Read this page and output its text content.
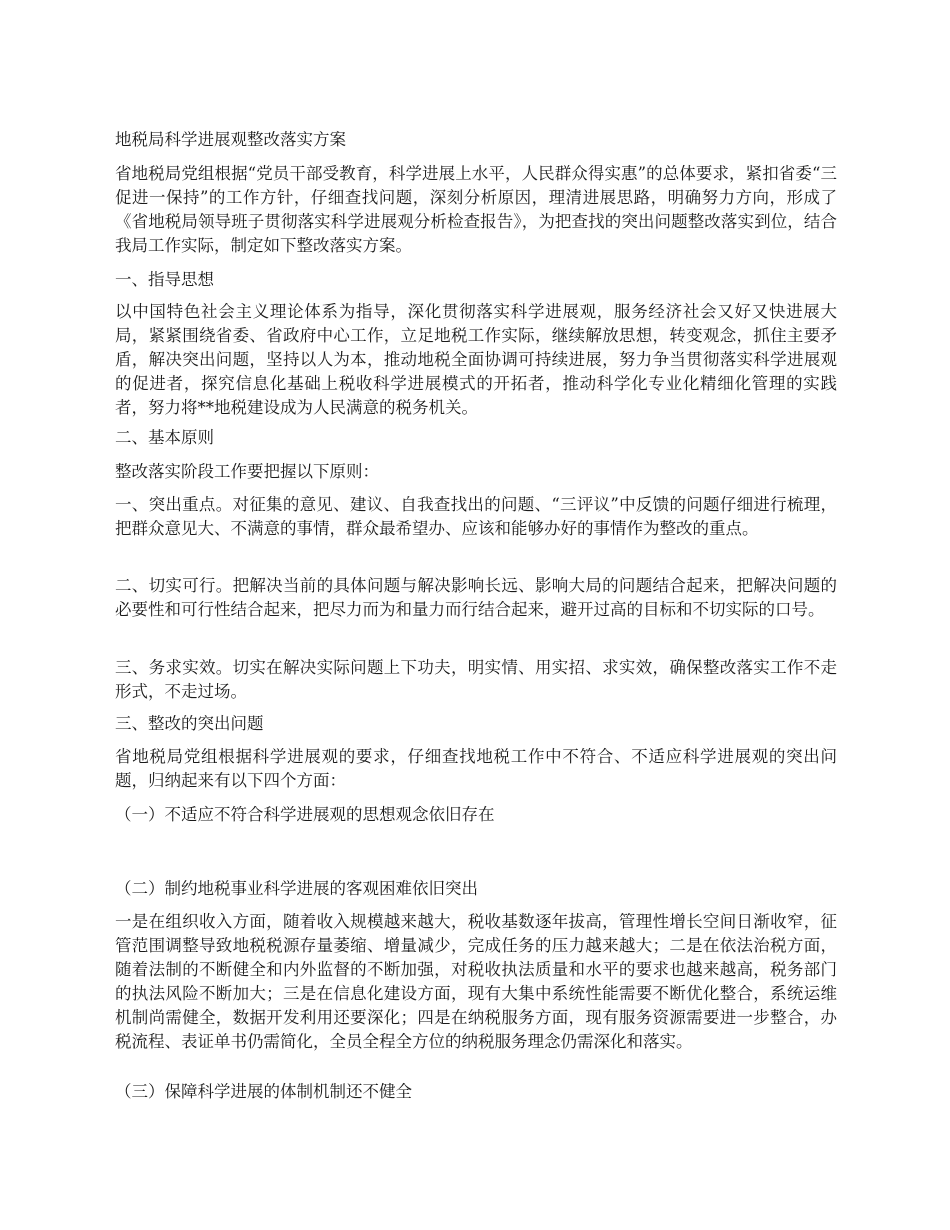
地税局科学进展观整改落实方案

省地税局党组根据“党员干部受教育，科学进展上水平，人民群众得实惠”的总体要求，紧扣省委“三促进一保持”的工作方针，仔细查找问题，深刻分析原因，理清进展思路，明确努力方向，形成了《省地税局领导班子贯彻落实科学进展观分析检查报告》，为把查找的突出问题整改落实到位，结合我局工作实际，制定如下整改落实方案。

一、指导思想

以中国特色社会主义理论体系为指导，深化贯彻落实科学进展观，服务经济社会又好又快进展大局，紧紧围绕省委、省政府中心工作，立足地税工作实际，继续解放思想，转变观念，抓住主要矛盾，解决突出问题，坚持以人为本，推动地税全面协调可持续进展，努力争当贯彻落实科学进展观的促进者，探究信息化基础上税收科学进展模式的开拓者，推动科学化专业化精细化管理的实践者，努力将**地税建设成为人民满意的税务机关。

二、基本原则

整改落实阶段工作要把握以下原则：

一、突出重点。对征集的意见、建议、自我查找出的问题、“三评议”中反馈的问题仔细进行梳理，把群众意见大、不满意的事情，群众最希望办、应该和能够办好的事情作为整改的重点。

二、切实可行。把解决当前的具体问题与解决影响长远、影响大局的问题结合起来，把解决问题的必要性和可行性结合起来，把尽力而为和量力而行结合起来，避开过高的目标和不切实际的口号。

三、务求实效。切实在解决实际问题上下功夫，明实情、用实招、求实效，确保整改落实工作不走形式，不走过场。

三、整改的突出问题

省地税局党组根据科学进展观的要求，仔细查找地税工作中不符合、不适应科学进展观的突出问题，归纳起来有以下四个方面：

（一）不适应不符合科学进展观的思想观念依旧存在

（二）制约地税事业科学进展的客观困难依旧突出

一是在组织收入方面，随着收入规模越来越大，税收基数逐年拔高，管理性增长空间日渐收窄，征管范围调整导致地税税源存量萎缩、增量减少，完成任务的压力越来越大；二是在依法治税方面，随着法制的不断健全和内外监督的不断加强，对税收执法质量和水平的要求也越来越高，税务部门的执法风险不断加大；三是在信息化建设方面，现有大集中系统性能需要不断优化整合，系统运维机制尚需健全，数据开发利用还要深化；四是在纳税服务方面，现有服务资源需要进一步整合，办税流程、表证单书仍需简化，全员全程全方位的纳税服务理念仍需深化和落实。

（三）保障科学进展的体制机制还不健全
